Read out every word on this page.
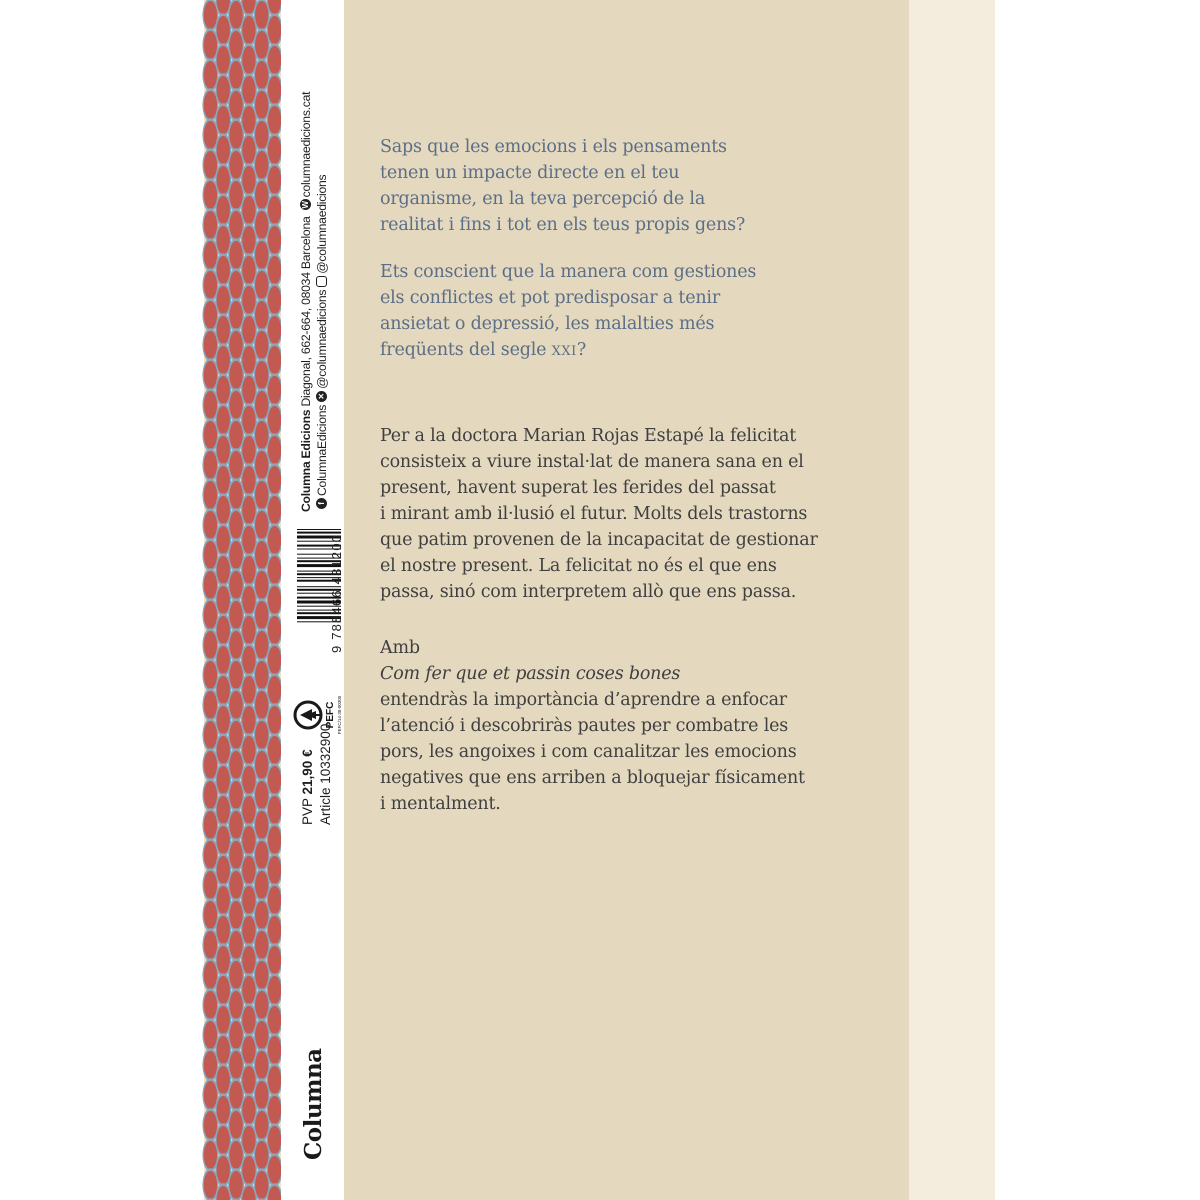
Columna Edicions Diagonal, 662-664, 08034 Barcelona Wcolumnaedicions.cat
fColumnaEdicions✕@columnaedicions@columnaedicions
9 788466 431200
PEFC PEFC/14-38-00305
PVP 21,90 € Article 10332900
Columna
Saps que les emocions i els pensaments
tenen un impacte directe en el teu
organisme, en la teva percepció de la
realitat i fins i tot en els teus propis gens?
Ets conscient que la manera com gestiones
els conflictes et pot predisposar a tenir
ansietat o depressió, les malalties més
freqüents del segle XXI?
Per a la doctora Marian Rojas Estapé la felicitat
consisteix a viure instal·lat de manera sana en el
present, havent superat les ferides del passat
i mirant amb il·lusió el futur. Molts dels trastorns
que patim provenen de la incapacitat de gestionar
el nostre present. La felicitat no és el que ens
passa, sinó com interpretem allò que ens passa.
Amb
Com fer que et passin coses bones
entendràs la importància d’aprendre a enfocar
l’atenció i descobriràs pautes per combatre les
pors, les angoixes i com canalitzar les emocions
negatives que ens arriben a bloquejar físicament
i mentalment.
